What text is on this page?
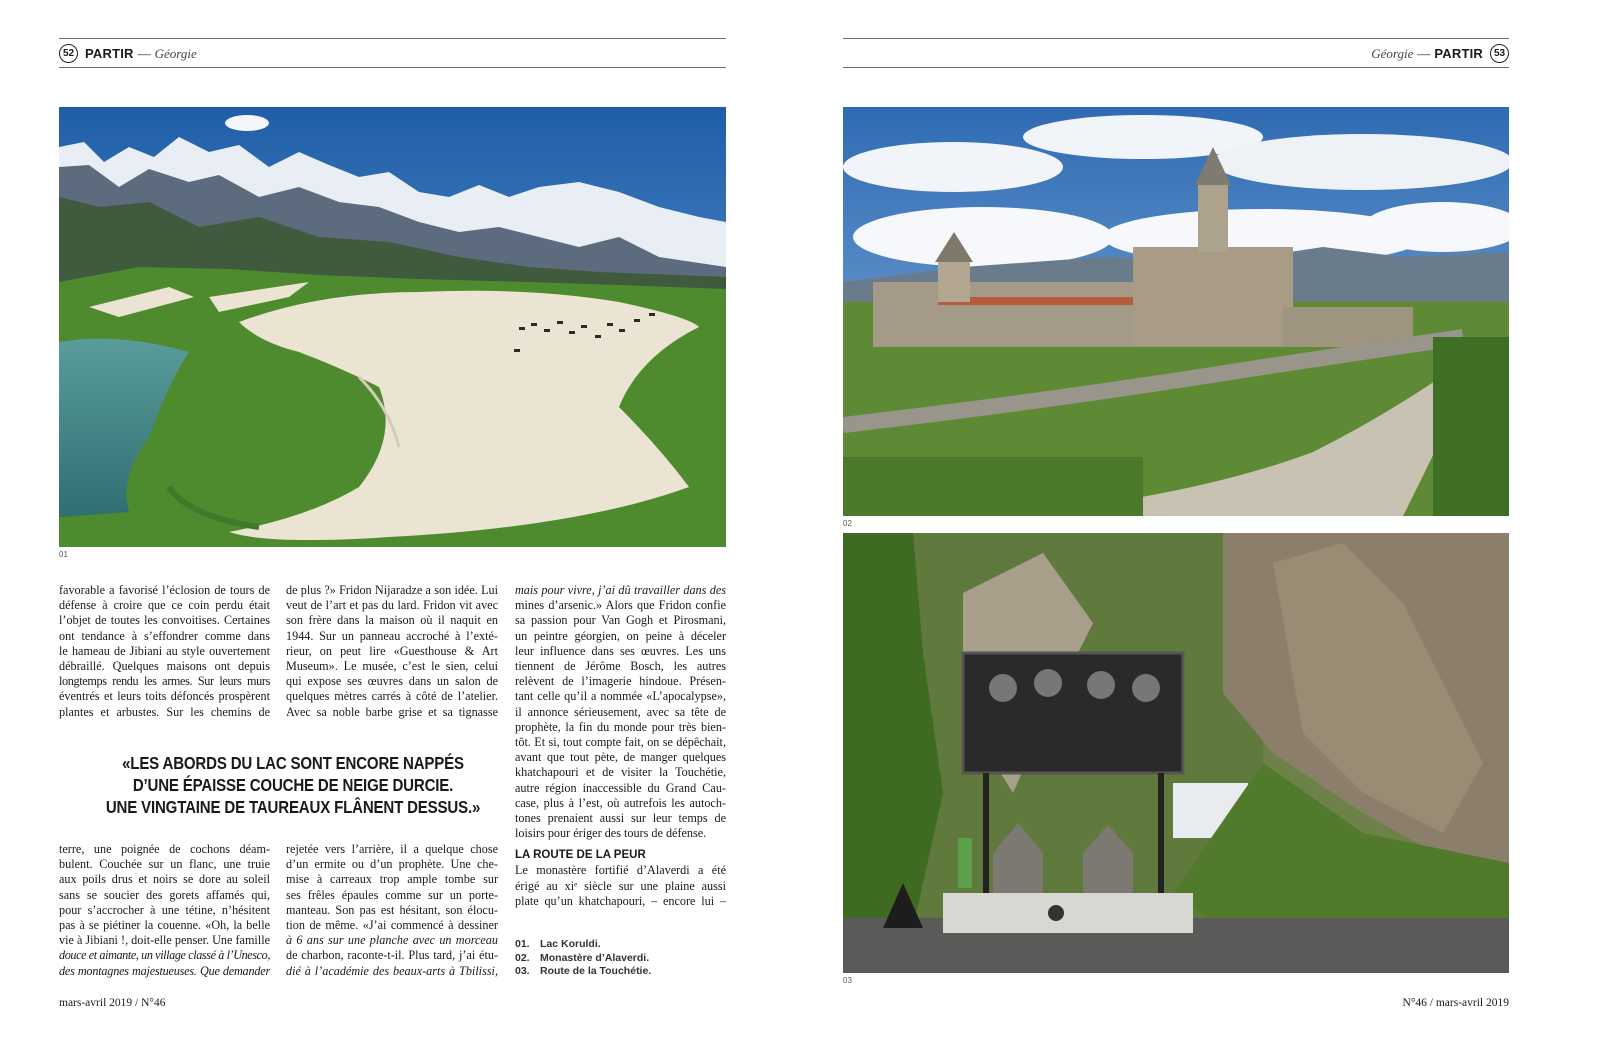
52 PARTIR — Géorgie	Géorgie — PARTIR	53
01
02
03
favorable a favorisé l’éclosion de tours de
défense à croire que ce coin perdu était
l’objet de toutes les convoitises. Certaines
ont tendance à s’effondrer comme dans
le hameau de Jibiani au style ouvertement
débraillé. Quelques maisons ont depuis
longtemps rendu les armes. Sur leurs murs
éventrés et leurs toits défoncés prospèrent
plantes et arbustes. Sur les chemins de
de plus ?» Fridon Nijaradze a son idée. Lui
veut de l’art et pas du lard. Fridon vit avec
son frère dans la maison où il naquit en
1944. Sur un panneau accroché à l’exté-
rieur, on peut lire «Guesthouse & Art
Museum». Le musée, c’est le sien, celui
qui expose ses œuvres dans un salon de
quelques mètres carrés à côté de l’atelier.
Avec sa noble barbe grise et sa tignasse
«LES ABORDS DU LAC SONT ENCORE NAPPÉS
D’UNE ÉPAISSE COUCHE DE NEIGE DURCIE.
UNE VINGTAINE DE TAUREAUX FLÂNENT DESSUS.»
terre, une poignée de cochons déam-
bulent. Couchée sur un flanc, une truie
aux poils drus et noirs se dore au soleil
sans se soucier des gorets affamés qui,
pour s’accrocher à une tétine, n’hésitent
pas à se piétiner la couenne. «Oh, la belle
vie à Jibiani !, doit-elle penser. Une famille
douce et aimante, un village classé à l’Unesco,
des montagnes majestueuses. Que demander
rejetée vers l’arrière, il a quelque chose
d’un ermite ou d’un prophète. Une che-
mise à carreaux trop ample tombe sur
ses frêles épaules comme sur un porte-
manteau. Son pas est hésitant, son élocu-
tion de même. «J’ai commencé à dessiner
à 6 ans sur une planche avec un morceau
de charbon, raconte-t-il. Plus tard, j’ai étu-
dié à l’académie des beaux-arts à Tbilissi,
mais pour vivre, j’ai dû travailler dans des
mines d’arsenic.» Alors que Fridon confie
sa passion pour Van Gogh et Pirosmani,
un peintre géorgien, on peine à déceler
leur influence dans ses œuvres. Les uns
tiennent de Jérôme Bosch, les autres
relèvent de l’imagerie hindoue. Présen-
tant celle qu’il a nommée «L’apocalypse»,
il annonce sérieusement, avec sa tête de
prophète, la fin du monde pour très bien-
tôt. Et si, tout compte fait, on se dépêchait,
avant que tout pète, de manger quelques
khatchapouri et de visiter la Touchétie,
autre région inaccessible du Grand Cau-
case, plus à l’est, où autrefois les autoch-
tones prenaient aussi sur leur temps de
loisirs pour ériger des tours de défense.
LA ROUTE DE LA PEUR
Le monastère fortifié d’Alaverdi a été
érigé au xiᵉ siècle sur une plaine aussi
plate qu’un khatchapouri, – encore lui –
01. Lac Koruldi.
02. Monastère d’Alaverdi.
03. Route de la Touchétie.
mars-avril 2019 / N°46	N°46 / mars-avril 2019
